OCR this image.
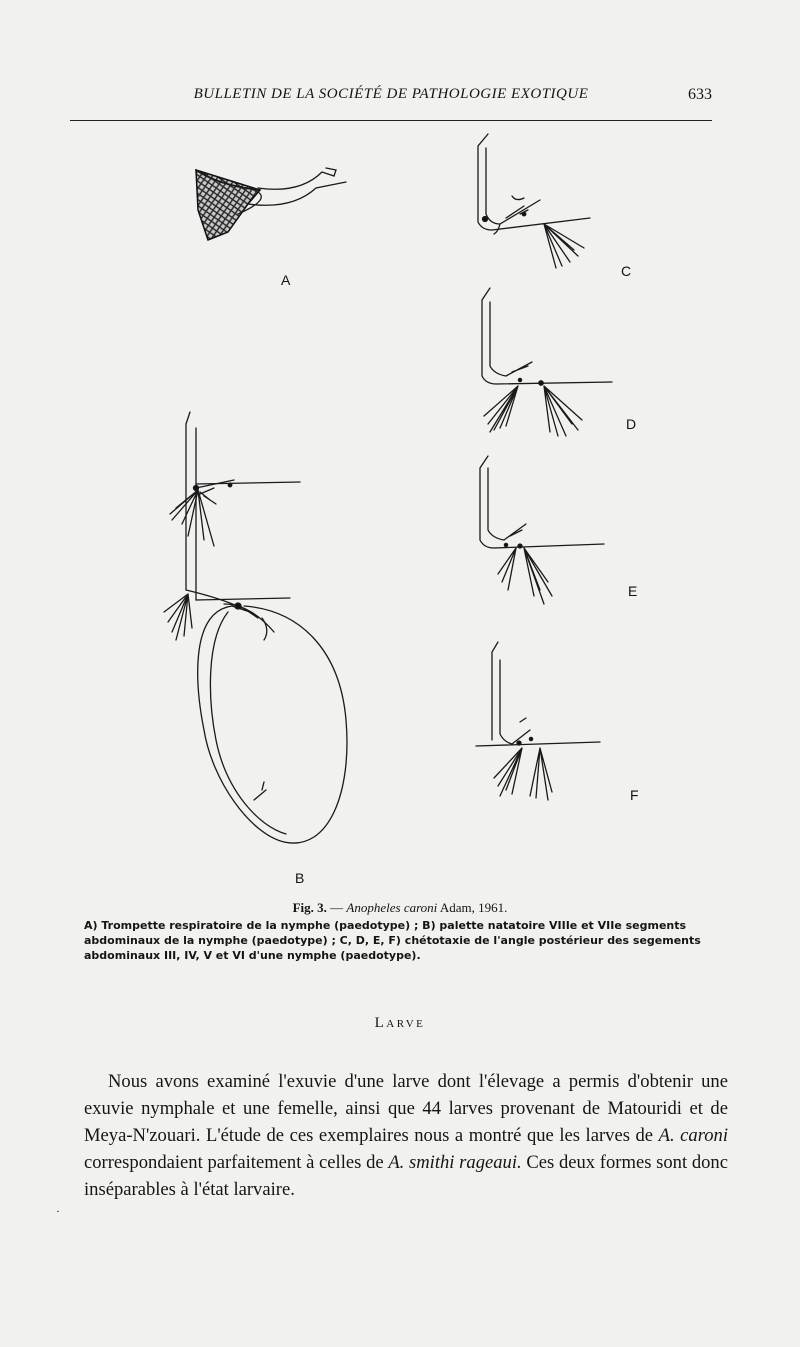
BULLETIN DE LA SOCIÉTÉ DE PATHOLOGIE EXOTIQUE	633
A
C
D
E
F
B
Fig. 3. — Anopheles caroni Adam, 1961.
A) Trompette respiratoire de la nymphe (paedotype) ; B) palette natatoire VIIIe et VIIe segments abdominaux de la nymphe (paedotype) ; C, D, E, F) chétotaxie de l'angle postérieur des segements abdominaux III, IV, V et VI d'une nymphe (paedotype).
Larve
Nous avons examiné l'exuvie d'une larve dont l'élevage a permis d'obtenir une exuvie nymphale et une femelle, ainsi que 44 larves provenant de Matouridi et de Meya-N'zouari. L'étude de ces exemplaires nous a montré que les larves de A. caroni correspondaient parfaitement à celles de A. smithi rageaui. Ces deux formes sont donc inséparables à l'état larvaire.
·
